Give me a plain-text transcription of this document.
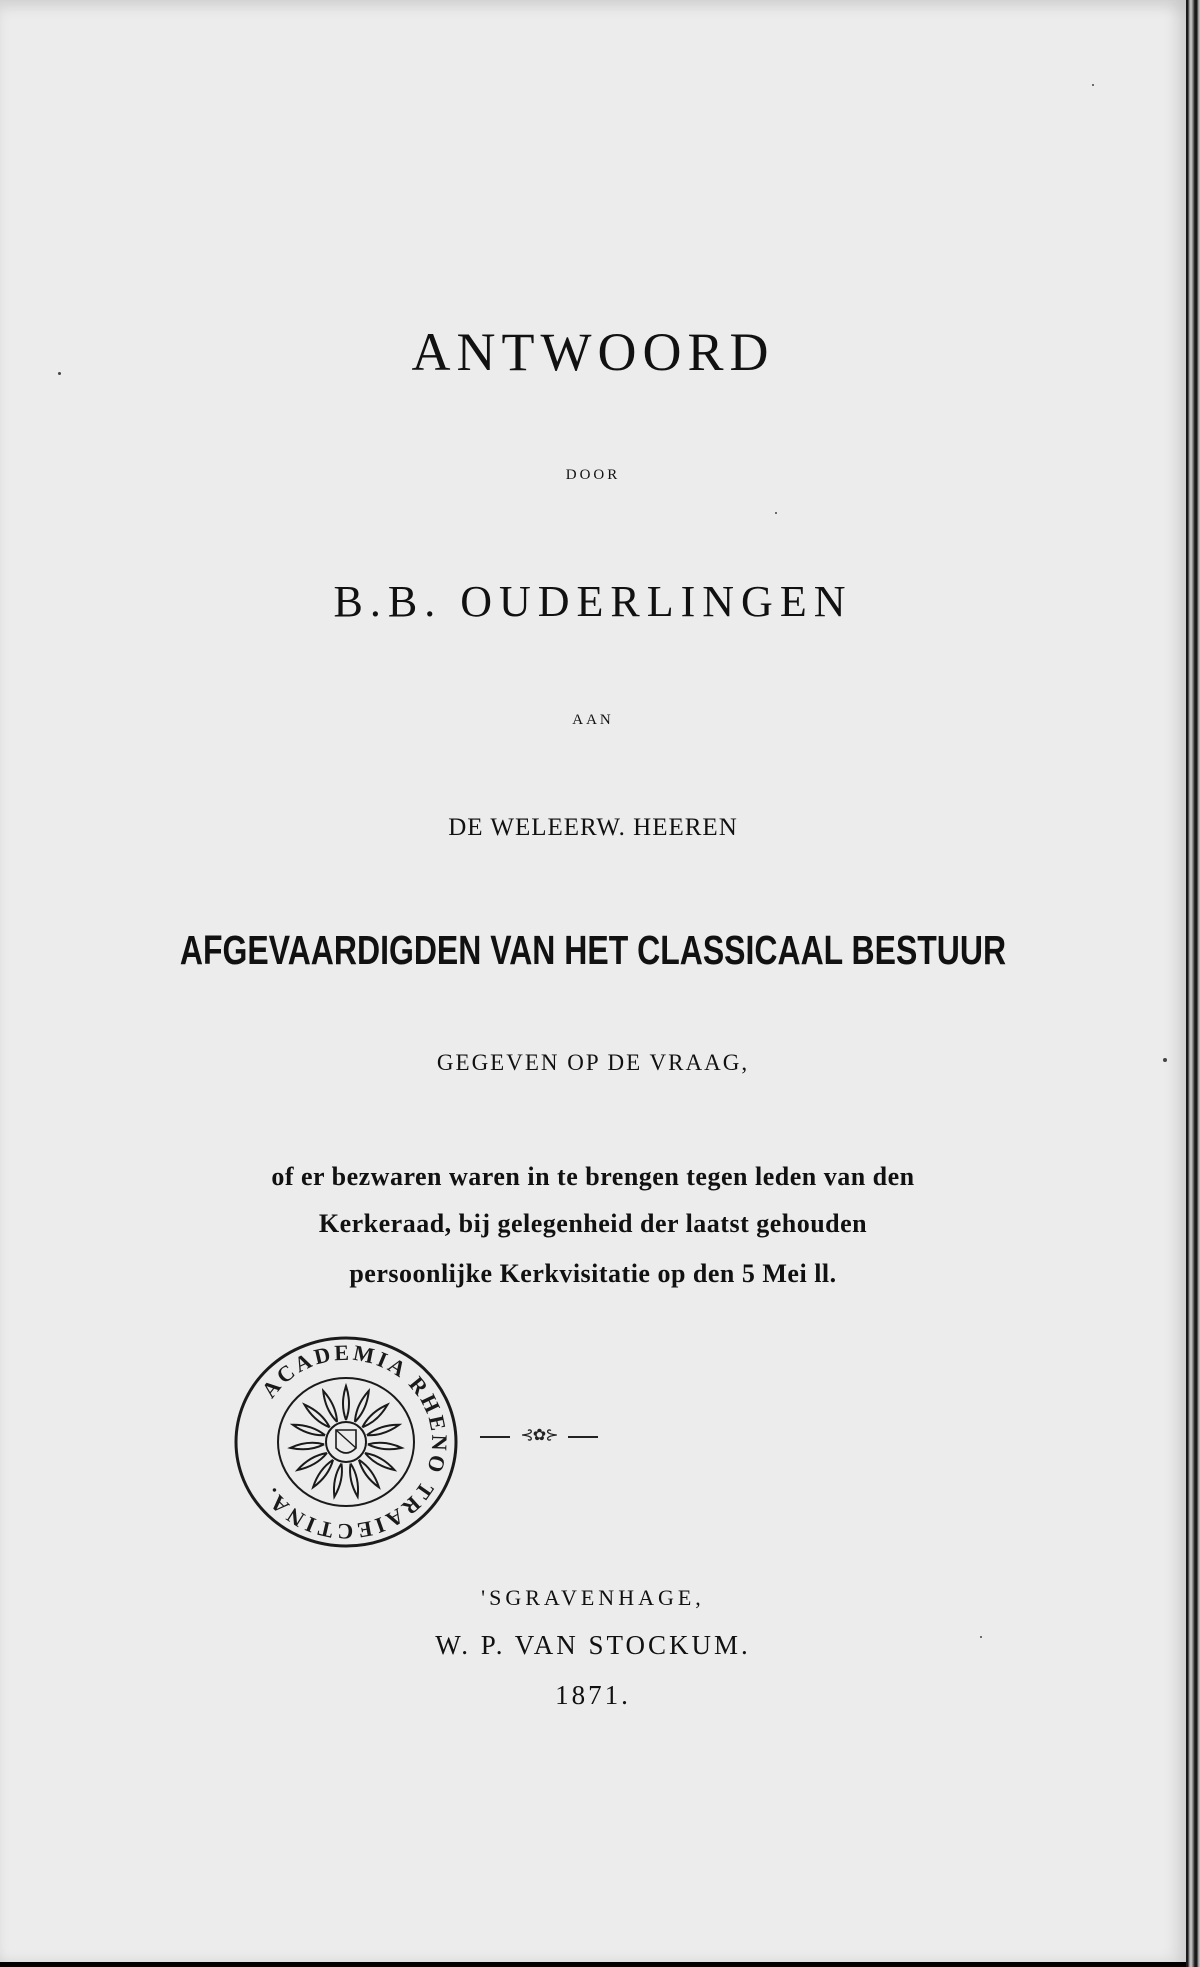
ANTWOORD
DOOR
B.B. OUDERLINGEN
AAN
DE WELEERW. HEEREN
AFGEVAARDIGDEN VAN HET CLASSICAAL BESTUUR
GEGEVEN OP DE VRAAG,
of er bezwaren waren in te brengen tegen leden van den
Kerkeraad, bij gelegenheid der laatst gehouden
persoonlijke Kerkvisitatie op den 5 Mei ll.
ACADEMIA RHENO TRAIECTINA.
⊰✿⊱
'SGRAVENHAGE,
W. P. VAN STOCKUM.
1871.
